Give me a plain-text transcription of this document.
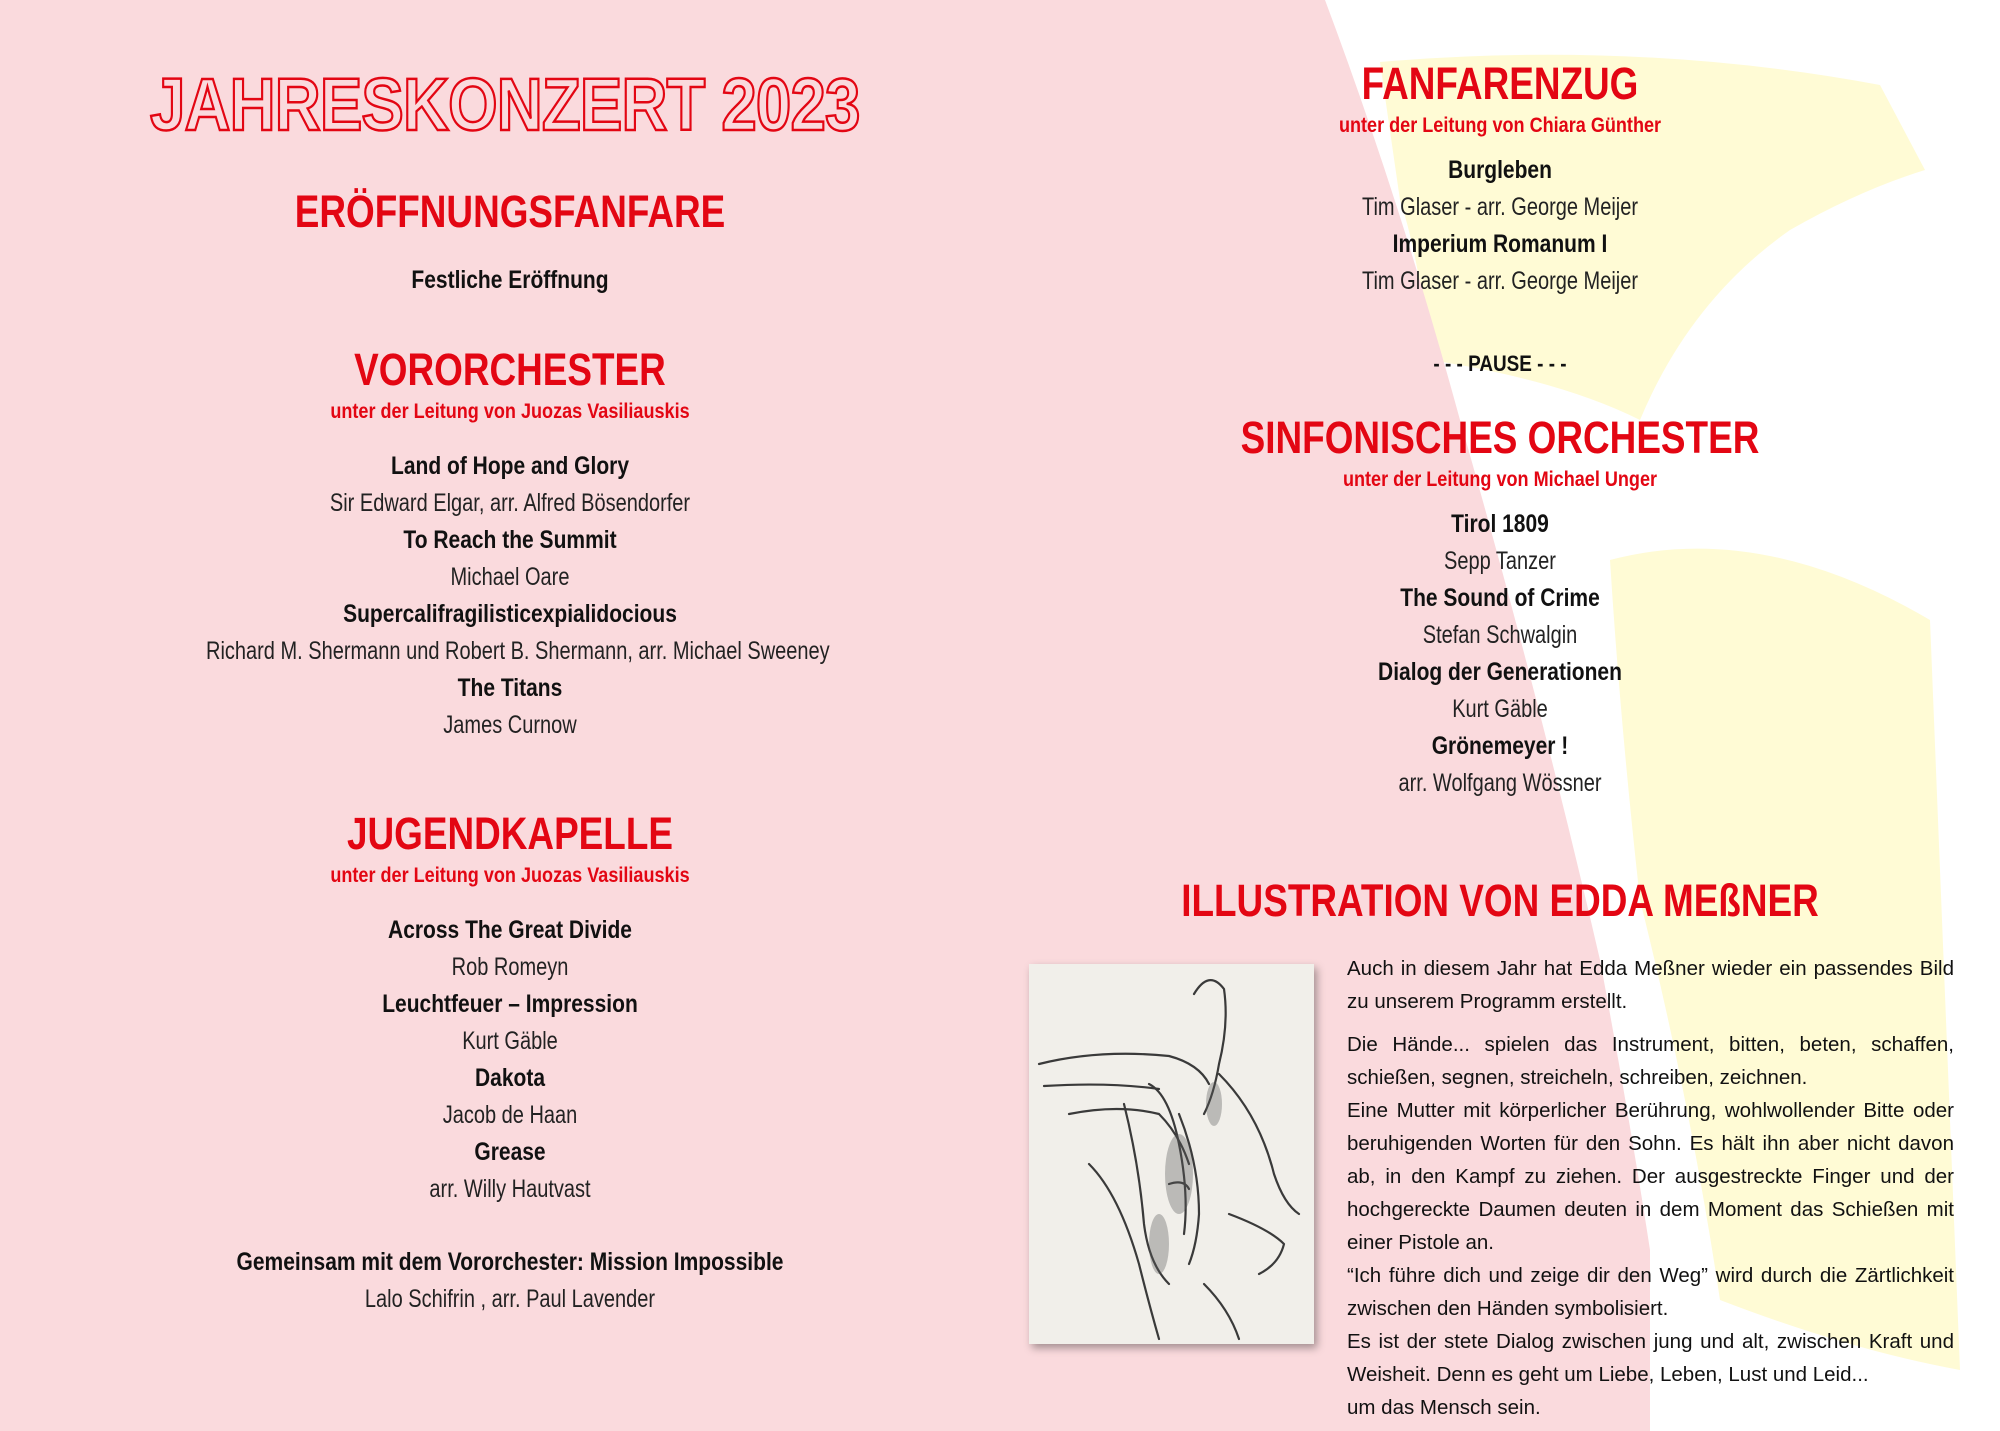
JAHRESKONZERT 2023
ERÖFFNUNGSFANFARE
Festliche Eröffnung
VORORCHESTER
unter der Leitung von Juozas Vasiliauskis
Land of Hope and Glory
Sir Edward Elgar, arr. Alfred Bösendorfer
To Reach the Summit
Michael Oare
Supercalifragilisticexpialidocious
Richard M. Shermann und Robert B. Shermann, arr. Michael Sweeney
The Titans
James Curnow
JUGENDKAPELLE
unter der Leitung von Juozas Vasiliauskis
Across The Great Divide
Rob Romeyn
Leuchtfeuer – Impression
Kurt Gäble
Dakota
Jacob de Haan
Grease
arr. Willy Hautvast
Gemeinsam mit dem Vororchester: Mission Impossible
Lalo Schifrin , arr. Paul Lavender
FANFARENZUG
unter der Leitung von Chiara Günther
Burgleben
Tim Glaser - arr. George Meijer
Imperium Romanum I
Tim Glaser - arr. George Meijer
- - - PAUSE - - -
SINFONISCHES ORCHESTER
unter der Leitung von Michael Unger
Tirol 1809
Sepp Tanzer
The Sound of Crime
Stefan Schwalgin
Dialog der Generationen
Kurt Gäble
Grönemeyer !
arr. Wolfgang Wössner
ILLUSTRATION VON EDDA MEßNER

Auch in diesem Jahr hat Edda Meßner wieder ein passendes Bild zu unserem Programm erstellt.

Die Hände... spielen das Instrument, bitten, beten, schaffen, schießen, segnen, streicheln, schreiben, zeichnen.
Eine Mutter mit körperlicher Berührung, wohlwollender Bitte oder beruhigenden Worten für den Sohn. Es hält ihn aber nicht davon ab, in den Kampf zu ziehen. Der ausgestreckte Finger und der hochgereckte Daumen deuten in dem Moment das Schießen mit einer Pistole an.
“Ich führe dich und zeige dir den Weg” wird durch die Zärtlichkeit zwischen den Händen symbolisiert.
Es ist der stete Dialog zwischen jung und alt, zwischen Kraft und Weisheit. Denn es geht um Liebe, Leben, Lust und Leid...
um das Mensch sein.
